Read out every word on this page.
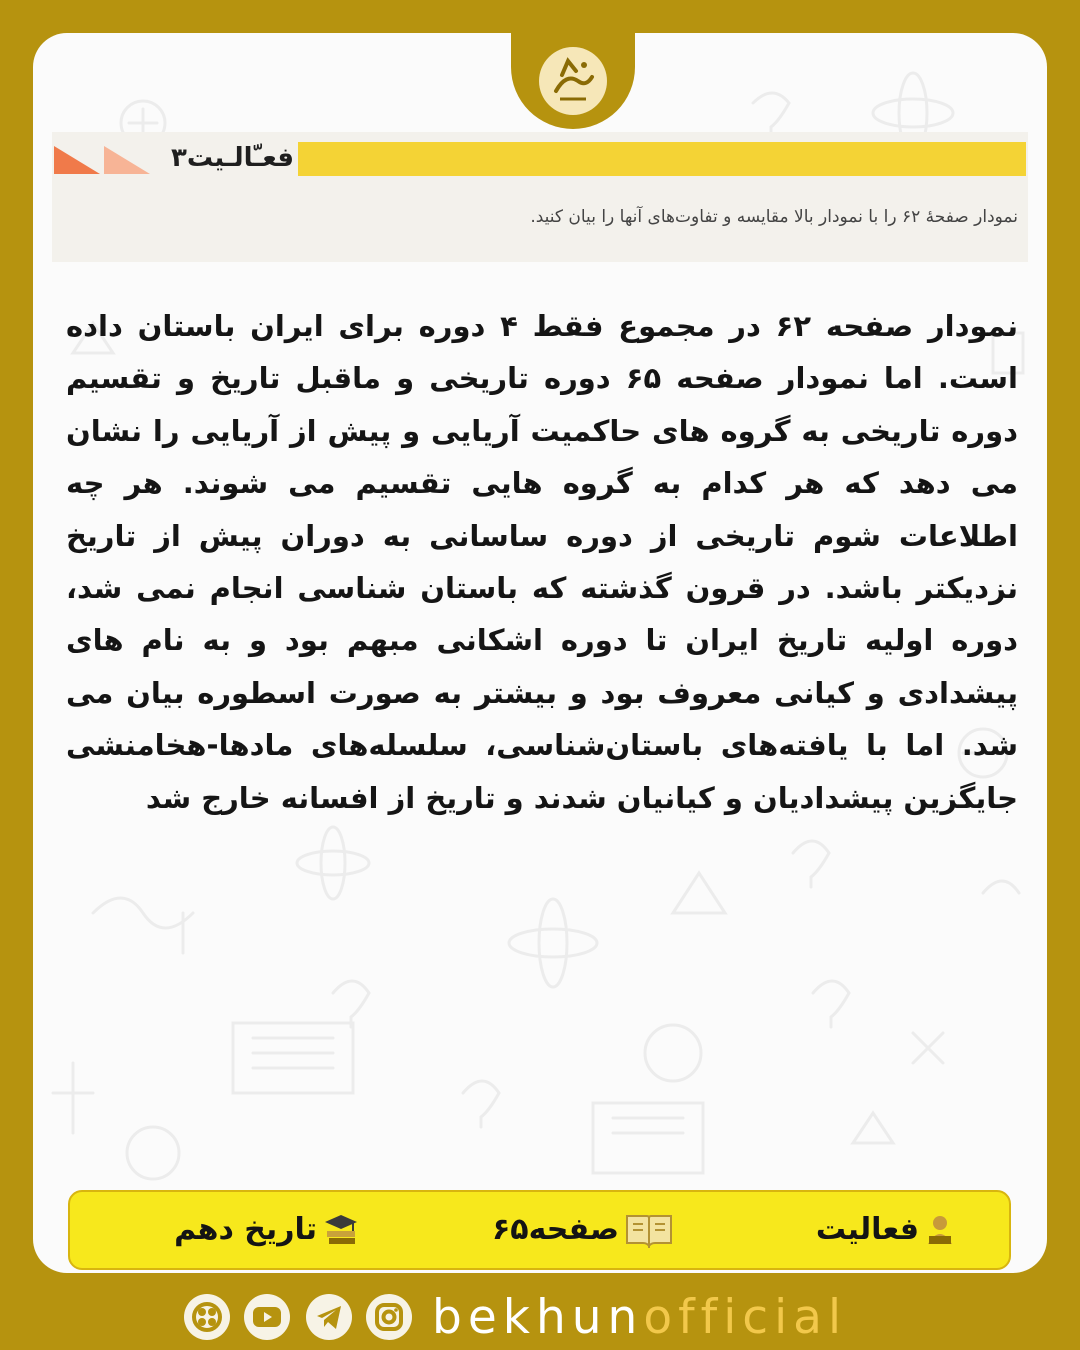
فعـّالـیت۳
نمودار صفحهٔ ۶۲ را با نمودار بالا مقایسه و تفاوت‌های آنها را بیان کنید.
نمودار صفحه ۶۲ در مجموع فقط ۴ دوره برای ایران باستان داده است. اما نمودار صفحه ۶۵ دوره تاریخی و ماقبل تاریخ و تقسیم دوره تاریخی به گروه های حاکمیت آریایی و پیش از آریایی را نشان می دهد که هر کدام به گروه هایی تقسیم می شوند. هر چه اطلاعات شوم تاریخی از دوره ساسانی به دوران پیش از تاریخ نزدیکتر باشد. در قرون گذشته که باستان شناسی انجام نمی شد، دوره اولیه تاریخ ایران تا دوره اشکانی مبهم بود و به نام های پیشدادی و کیانی معروف بود و بیشتر به صورت اسطوره بیان می شد. اما با یافته‌های باستان‌شناسی، سلسله‌های مادها-هخامنشی جایگزین پیشدادیان و کیانیان شدند و تاریخ از افسانه خارج شد
فعالیت
صفحه۶۵
تاریخ دهم
bekhunofficial
